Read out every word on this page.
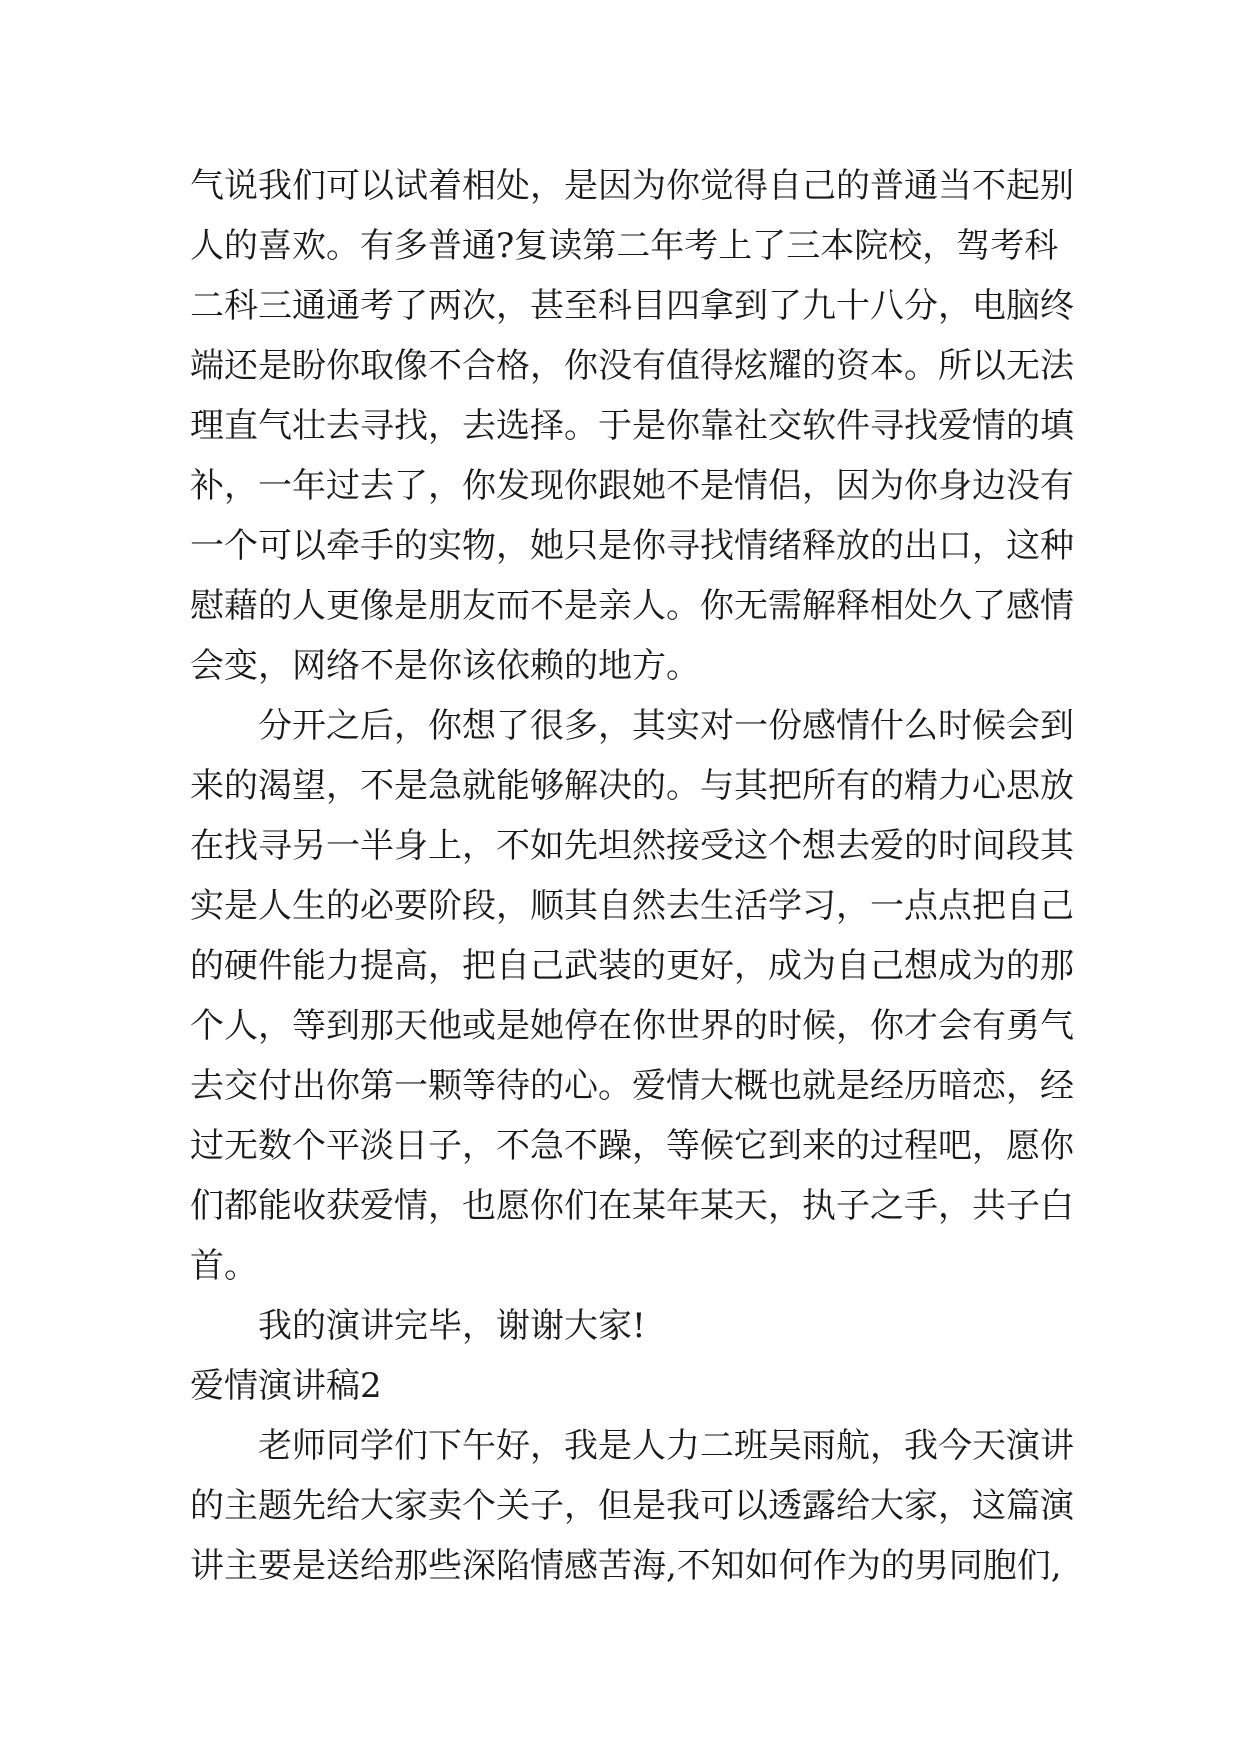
气说我们可以试着相处，是因为你觉得自己的普通当不起别
人的喜欢。有多普通?复读第二年考上了三本院校，驾考科
二科三通通考了两次，甚至科目四拿到了九十八分，电脑终
端还是盼你取像不合格，你没有值得炫耀的资本。所以无法
理直气壮去寻找，去选择。于是你靠社交软件寻找爱情的填
补，一年过去了，你发现你跟她不是情侣，因为你身边没有
一个可以牵手的实物，她只是你寻找情绪释放的出口，这种
慰藉的人更像是朋友而不是亲人。你无需解释相处久了感情
会变，网络不是你该依赖的地方。
分开之后，你想了很多，其实对一份感情什么时候会到
来的渴望，不是急就能够解决的。与其把所有的精力心思放
在找寻另一半身上，不如先坦然接受这个想去爱的时间段其
实是人生的必要阶段，顺其自然去生活学习，一点点把自己
的硬件能力提高，把自己武装的更好，成为自己想成为的那
个人，等到那天他或是她停在你世界的时候，你才会有勇气
去交付出你第一颗等待的心。爱情大概也就是经历暗恋，经
过无数个平淡日子，不急不躁，等候它到来的过程吧，愿你
们都能收获爱情，也愿你们在某年某天，执子之手，共子白
首。
我的演讲完毕，谢谢大家!
爱情演讲稿2
老师同学们下午好，我是人力二班吴雨航，我今天演讲
的主题先给大家卖个关子，但是我可以透露给大家，这篇演
讲主要是送给那些深陷情感苦海,不知如何作为的男同胞们,
